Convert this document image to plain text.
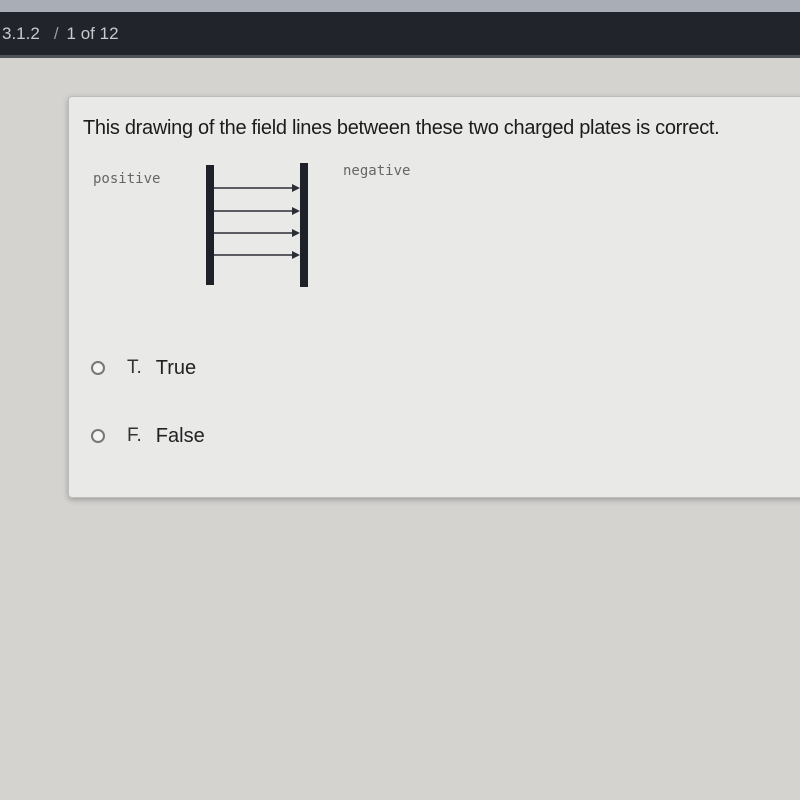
3.1.2 / 1 of 12
This drawing of the field lines between these two charged plates is correct.
positive	negative
T. True
F. False
